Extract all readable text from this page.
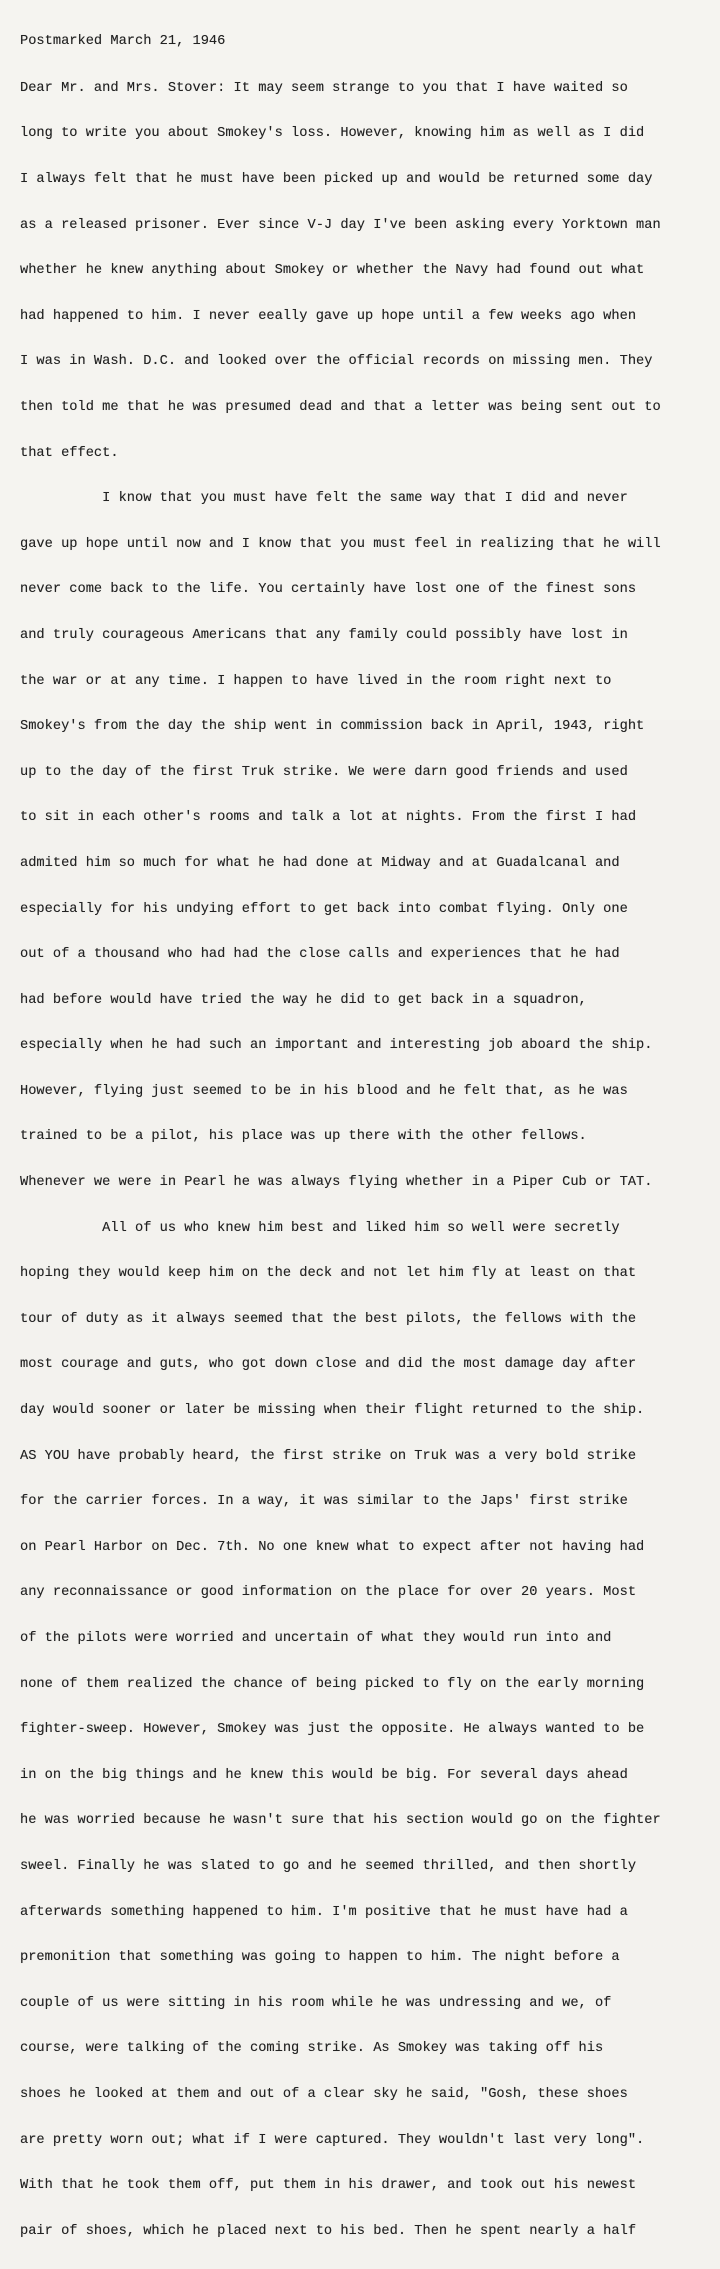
Postmarked March 21, 1946

Dear Mr. and Mrs. Stover: It may seem strange to you that I have waited so

long to write you about Smokey's loss. However, knowing him as well as I did

I always felt that he must have been picked up and would be returned some day

as a released prisoner. Ever since V-J day I've been asking every Yorktown man

whether he knew anything about Smokey or whether the Navy had found out what

had happened to him. I never eeally gave up hope until a few weeks ago when

I was in Wash. D.C. and looked over the official records on missing men. They

then told me that he was presumed dead and that a letter was being sent out to

that effect.

I know that you must have felt the same way that I did and never

gave up hope until now and I know that you must feel in realizing that he will

never come back to the life. You certainly have lost one of the finest sons

and truly courageous Americans that any family could possibly have lost in

the war or at any time. I happen to have lived in the room right next to

Smokey's from the day the ship went in commission back in April, 1943, right

up to the day of the first Truk strike. We were darn good friends and used

to sit in each other's rooms and talk a lot at nights. From the first I had

admited him so much for what he had done at Midway and at Guadalcanal and

especially for his undying effort to get back into combat flying. Only one

out of a thousand who had had the close calls and experiences that he had

had before would have tried the way he did to get back in a squadron,

especially when he had such an important and interesting job aboard the ship.

However, flying just seemed to be in his blood and he felt that, as he was

trained to be a pilot, his place was up there with the other fellows.

Whenever we were in Pearl he was always flying whether in a Piper Cub or TAT.

All of us who knew him best and liked him so well were secretly

hoping they would keep him on the deck and not let him fly at least on that

tour of duty as it always seemed that the best pilots, the fellows with the

most courage and guts, who got down close and did the most damage day after

day would sooner or later be missing when their flight returned to the ship.

AS YOU have probably heard, the first strike on Truk was a very bold strike

for the carrier forces. In a way, it was similar to the Japs' first strike

on Pearl Harbor on Dec. 7th. No one knew what to expect after not having had

any reconnaissance or good information on the place for over 20 years. Most

of the pilots were worried and uncertain of what they would run into and

none of them realized the chance of being picked to fly on the early morning

fighter-sweep. However, Smokey was just the opposite. He always wanted to be

in on the big things and he knew this would be big. For several days ahead

he was worried because he wasn't sure that his section would go on the fighter

sweel. Finally he was slated to go and he seemed thrilled, and then shortly

afterwards something happened to him. I'm positive that he must have had a

premonition that something was going to happen to him. The night before a

couple of us were sitting in his room while he was undressing and we, of

course, were talking of the coming strike. As Smokey was taking off his

shoes he looked at them and out of a clear sky he said, "Gosh, these shoes

are pretty worn out; what if I were captured. They wouldn't last very long".

With that he took them off, put them in his drawer, and took out his newest

pair of shoes, which he placed next to his bed. Then he spent nearly a half
